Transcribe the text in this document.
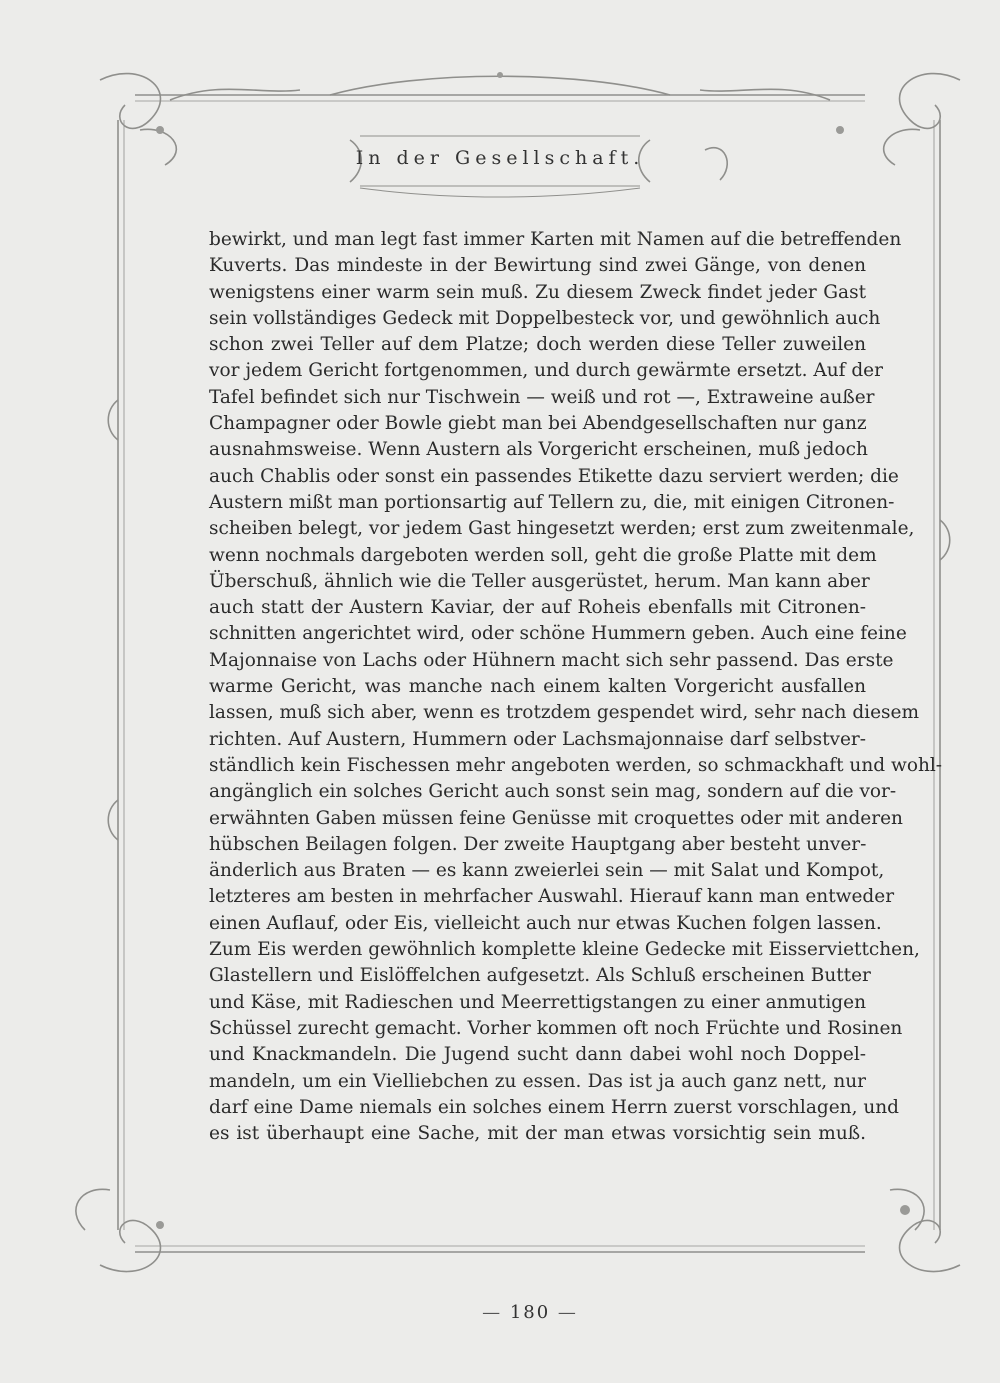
In der Gesellschaft.
bewirkt, und man legt fast immer Karten mit Namen auf die betreffenden
Kuverts. Das mindeste in der Bewirtung sind zwei Gänge, von denen
wenigstens einer warm sein muß. Zu diesem Zweck findet jeder Gast
sein vollständiges Gedeck mit Doppelbesteck vor, und gewöhnlich auch
schon zwei Teller auf dem Platze; doch werden diese Teller zuweilen
vor jedem Gericht fortgenommen, und durch gewärmte ersetzt. Auf der
Tafel befindet sich nur Tischwein — weiß und rot —, Extraweine außer
Champagner oder Bowle giebt man bei Abendgesellschaften nur ganz
ausnahmsweise. Wenn Austern als Vorgericht erscheinen, muß jedoch
auch Chablis oder sonst ein passendes Etikette dazu serviert werden; die
Austern mißt man portionsartig auf Tellern zu, die, mit einigen Citronen-
scheiben belegt, vor jedem Gast hingesetzt werden; erst zum zweitenmale,
wenn nochmals dargeboten werden soll, geht die große Platte mit dem
Überschuß, ähnlich wie die Teller ausgerüstet, herum. Man kann aber
auch statt der Austern Kaviar, der auf Roheis ebenfalls mit Citronen-
schnitten angerichtet wird, oder schöne Hummern geben. Auch eine feine
Majonnaise von Lachs oder Hühnern macht sich sehr passend. Das erste
warme Gericht, was manche nach einem kalten Vorgericht ausfallen
lassen, muß sich aber, wenn es trotzdem gespendet wird, sehr nach diesem
richten. Auf Austern, Hummern oder Lachsmajonnaise darf selbstver-
ständlich kein Fischessen mehr angeboten werden, so schmackhaft und wohl-
angänglich ein solches Gericht auch sonst sein mag, sondern auf die vor-
erwähnten Gaben müssen feine Genüsse mit croquettes oder mit anderen
hübschen Beilagen folgen. Der zweite Hauptgang aber besteht unver-
änderlich aus Braten — es kann zweierlei sein — mit Salat und Kompot,
letzteres am besten in mehrfacher Auswahl. Hierauf kann man entweder
einen Auflauf, oder Eis, vielleicht auch nur etwas Kuchen folgen lassen.
Zum Eis werden gewöhnlich komplette kleine Gedecke mit Eisserviettchen,
Glastellern und Eislöffelchen aufgesetzt. Als Schluß erscheinen Butter
und Käse, mit Radieschen und Meerrettigstangen zu einer anmutigen
Schüssel zurecht gemacht. Vorher kommen oft noch Früchte und Rosinen
und Knackmandeln. Die Jugend sucht dann dabei wohl noch Doppel-
mandeln, um ein Vielliebchen zu essen. Das ist ja auch ganz nett, nur
darf eine Dame niemals ein solches einem Herrn zuerst vorschlagen, und
es ist überhaupt eine Sache, mit der man etwas vorsichtig sein muß.
— 180 —
